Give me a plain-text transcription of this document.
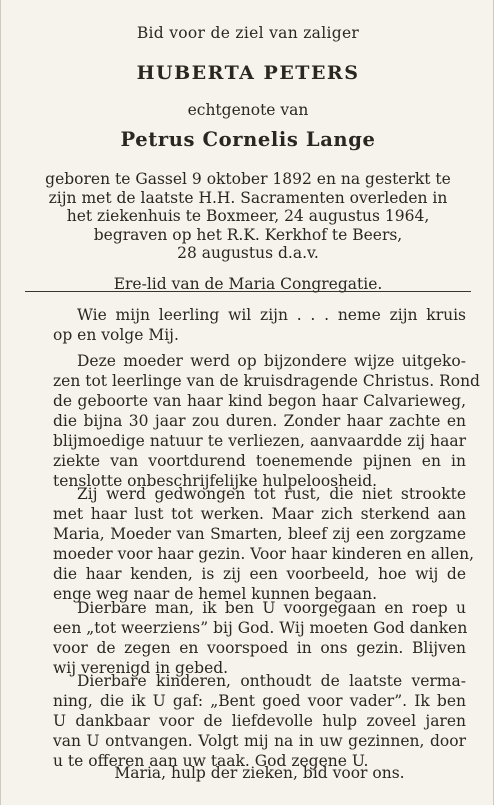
Bid voor de ziel van zaliger
HUBERTA PETERS
echtgenote van
Petrus Cornelis Lange
geboren te Gassel 9 oktober 1892 en na gesterkt te
zijn met de laatste H.H. Sacramenten overleden in
het ziekenhuis te Boxmeer, 24 augustus 1964,
begraven op het R.K. Kerkhof te Beers,
28 augustus d.a.v.
Ere-lid van de Maria Congregatie.
Wie mijn leerling wil zijn . . . neme zijn kruis
op en volge Mij.
Deze moeder werd op bijzondere wijze uitgeko-
zen tot leerlinge van de kruisdragende Christus. Rond
de geboorte van haar kind begon haar Calvarieweg,
die bijna 30 jaar zou duren. Zonder haar zachte en
blijmoedige natuur te verliezen, aanvaardde zij haar
ziekte van voortdurend toenemende pijnen en in
tenslotte onbeschrijfelijke hulpeloosheid.
Zij werd gedwongen tot rust, die niet strookte
met haar lust tot werken. Maar zich sterkend aan
Maria, Moeder van Smarten, bleef zij een zorgzame
moeder voor haar gezin. Voor haar kinderen en allen,
die haar kenden, is zij een voorbeeld, hoe wij de
enge weg naar de hemel kunnen begaan.
Dierbare man, ik ben U voorgegaan en roep u
een „tot weerziens” bij God. Wij moeten God danken
voor de zegen en voorspoed in ons gezin. Blijven
wij verenigd in gebed.
Dierbare kinderen, onthoudt de laatste verma-
ning, die ik U gaf: „Bent goed voor vader”. Ik ben
U dankbaar voor de liefdevolle hulp zoveel jaren
van U ontvangen. Volgt mij na in uw gezinnen, door
u te offeren aan uw taak. God zegene U.
Maria, hulp der zieken, bid voor ons.
